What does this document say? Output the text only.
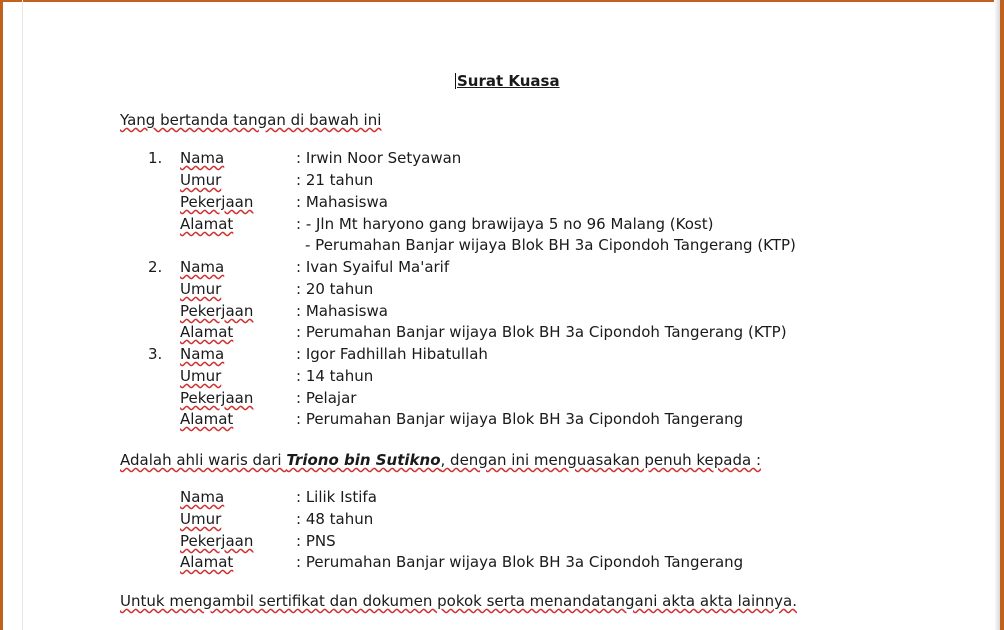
Surat Kuasa
Yang bertanda tangan di bawah ini
1. Nama	: Irwin Noor Setyawan
Umur	: 21 tahun
Pekerjaan	: Mahasiswa
Alamat	: - Jln Mt haryono gang brawijaya 5 no 96 Malang (Kost)
- Perumahan Banjar wijaya Blok BH 3a Cipondoh Tangerang (KTP)
2. Nama	: Ivan Syaiful Ma'arif
Umur	: 20 tahun
Pekerjaan	: Mahasiswa
Alamat	: Perumahan Banjar wijaya Blok BH 3a Cipondoh Tangerang (KTP)
3. Nama	: Igor Fadhillah Hibatullah
Umur	: 14 tahun
Pekerjaan	: Pelajar
Alamat	: Perumahan Banjar wijaya Blok BH 3a Cipondoh Tangerang
Adalah ahli waris dari Triono bin Sutikno, dengan ini menguasakan penuh kepada :
Nama	: Lilik Istifa
Umur	: 48 tahun
Pekerjaan	: PNS
Alamat	: Perumahan Banjar wijaya Blok BH 3a Cipondoh Tangerang
Untuk mengambil sertifikat dan dokumen pokok serta menandatangani akta akta lainnya.
